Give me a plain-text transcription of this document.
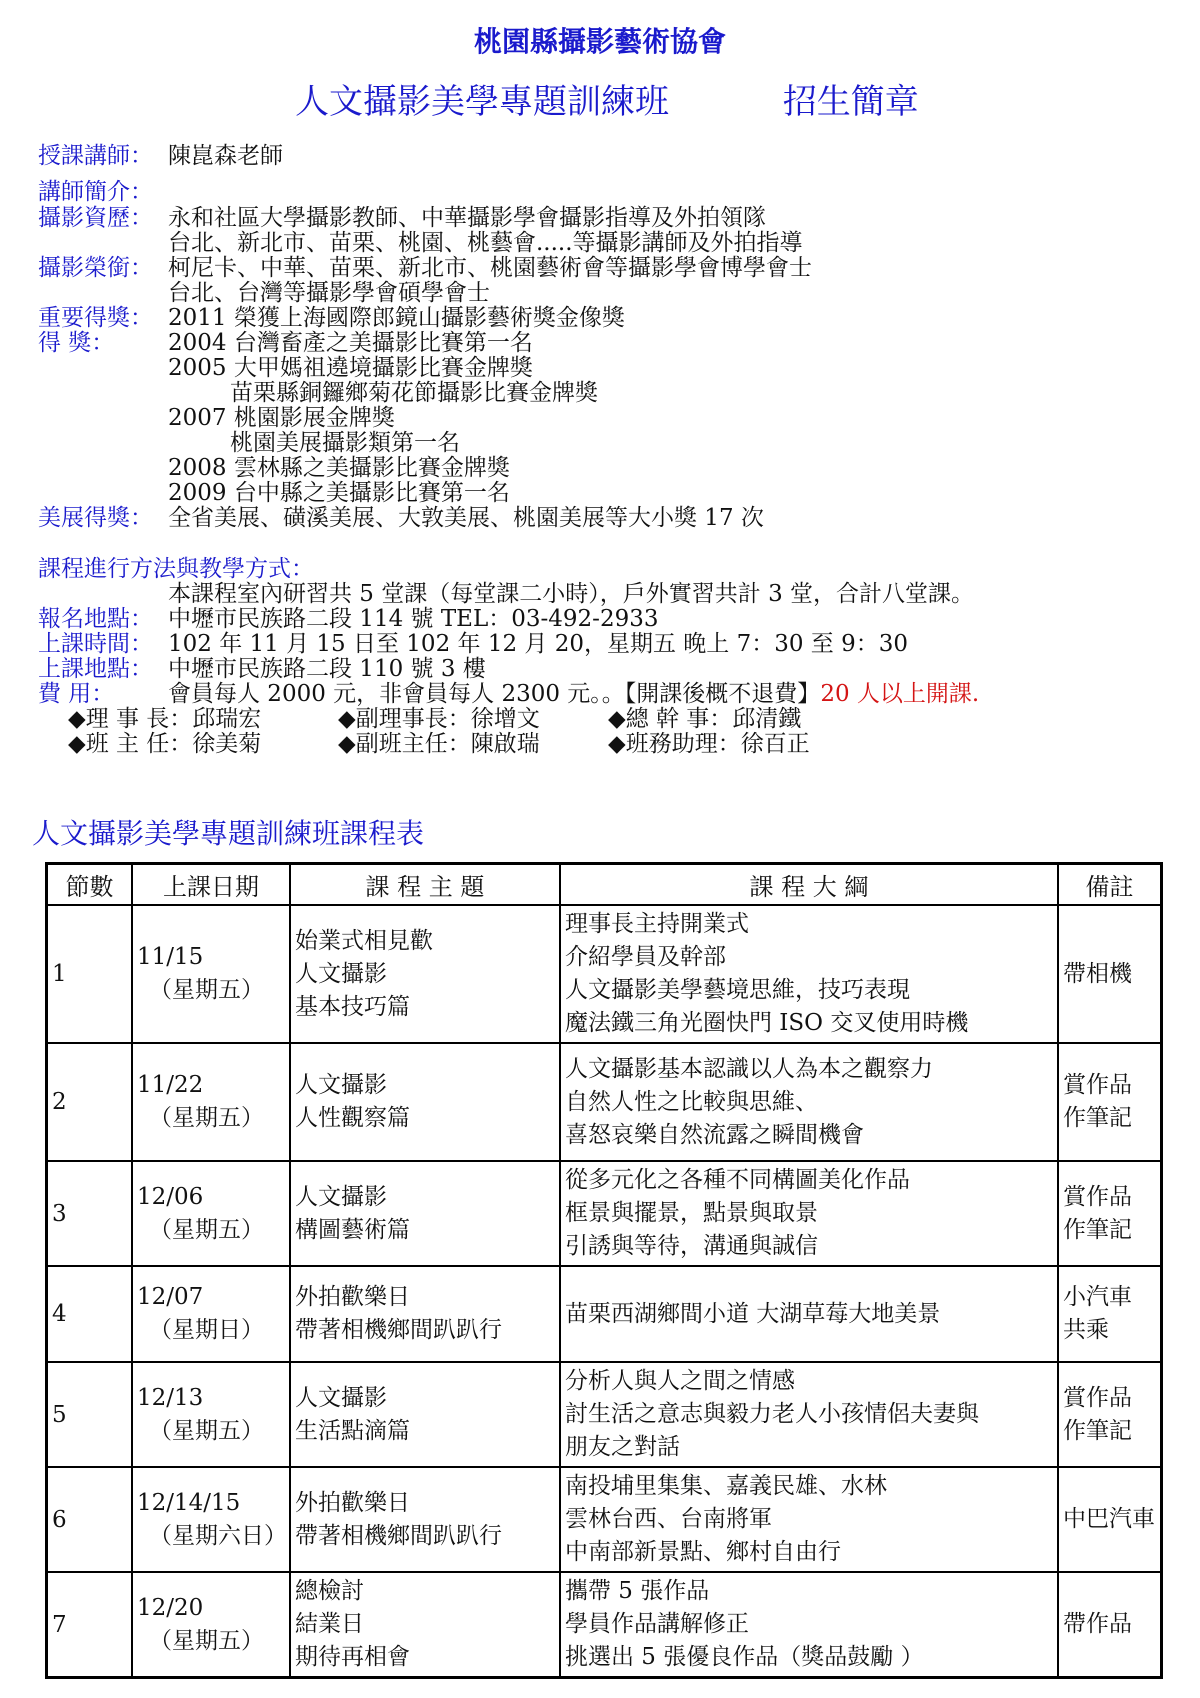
桃園縣攝影藝術協會
人文攝影美學專題訓練班	招生簡章
授課講師： 陳崑森老師
講師簡介：
攝影資歷： 永和社區大學攝影教師、中華攝影學會攝影指導及外拍領隊
台北、新北市、苗栗、桃園、桃藝會.....等攝影講師及外拍指導
攝影榮銜： 柯尼卡、中華、苗栗、新北市、桃園藝術會等攝影學會博學會士
台北、台灣等攝影學會碩學會士
重要得獎： 2011 榮獲上海國際郎鏡山攝影藝術獎金像獎
得 獎： 2004 台灣畜產之美攝影比賽第一名
2005 大甲媽祖遶境攝影比賽金牌獎
苗栗縣銅鑼鄉菊花節攝影比賽金牌獎
2007 桃園影展金牌獎
桃園美展攝影類第一名
2008 雲林縣之美攝影比賽金牌獎
2009 台中縣之美攝影比賽第一名
美展得獎： 全省美展、磺溪美展、大敦美展、桃園美展等大小獎 17 次
課程進行方法與教學方式：
本課程室內研習共 5 堂課（每堂課二小時），戶外實習共計 3 堂，合計八堂課。
報名地點： 中壢市民族路二段 114 號 TEL：03-492-2933
上課時間： 102 年 11 月 15 日至 102 年 12 月 20，星期五 晚上 7：30 至 9：30
上課地點： 中壢市民族路二段 110 號 3 樓
費 用： 會員每人 2000 元，非會員每人 2300 元。。【開課後概不退費】20 人以上開課.
◆理 事 長：邱瑞宏	◆副理事長：徐增文	◆總 幹 事：邱清鐵
◆班 主 任：徐美菊	◆副班主任：陳啟瑞	◆班務助理：徐百正
人文攝影美學專題訓練班課程表
節數	上課日期	課 程 主 題	課 程 大 綱	備註
1	11/15
（星期五）	始業式相見歡
人文攝影
基本技巧篇	理事長主持開業式
介紹學員及幹部
人文攝影美學藝境思維，技巧表現
魔法鐵三角光圈快門 ISO 交叉使用時機	帶相機

2	11/22
（星期五）	人文攝影
人性觀察篇	人文攝影基本認識以人為本之觀察力
自然人性之比較與思維、
喜怒哀樂自然流露之瞬間機會	賞作品
作筆記

3	12/06
（星期五）	人文攝影
構圖藝術篇	從多元化之各種不同構圖美化作品
框景與擺景，點景與取景
引誘與等待，溝通與誠信	賞作品
作筆記

4	12/07
（星期日）	外拍歡樂日
帶著相機鄉間趴趴行	苗栗西湖鄉間小道 大湖草莓大地美景	小汽車
共乘

5	12/13
（星期五）	人文攝影
生活點滴篇	分析人與人之間之情感
討生活之意志與毅力老人小孩情侶夫妻與
朋友之對話	賞作品
作筆記

6	12/14/15
（星期六日）	外拍歡樂日
帶著相機鄉間趴趴行	南投埔里集集、嘉義民雄、水林
雲林台西、台南將軍
中南部新景點、鄉村自由行	中巴汽車

7	12/20
（星期五）	總檢討
結業日
期待再相會	攜帶 5 張作品
學員作品講解修正
挑選出 5 張優良作品（獎品鼓勵 ）	帶作品
